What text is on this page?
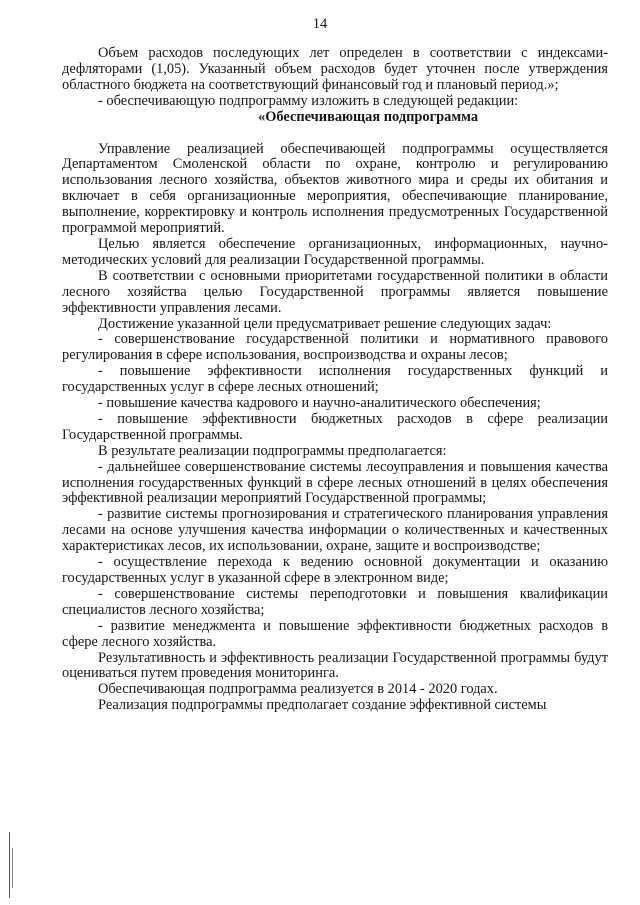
14

Объем расходов последующих лет определен в соответствии с индексами-дефляторами (1,05). Указанный объем расходов будет уточнен после утверждения областного бюджета на соответствующий финансовый год и плановый период.»;

- обеспечивающую подпрограмму изложить в следующей редакции:

«Обеспечивающая подпрограмма

Управление реализацией обеспечивающей подпрограммы осуществляется Департаментом Смоленской области по охране, контролю и регулированию использования лесного хозяйства, объектов животного мира и среды их обитания и включает в себя организационные мероприятия, обеспечивающие планирование, выполнение, корректировку и контроль исполнения предусмотренных Государственной программой мероприятий.

Целью является обеспечение организационных, информационных, научно-методических условий для реализации Государственной программы.

В соответствии с основными приоритетами государственной политики в области лесного хозяйства целью Государственной программы является повышение эффективности управления лесами.

Достижение указанной цели предусматривает решение следующих задач:

- совершенствование государственной политики и нормативного правового регулирования в сфере использования, воспроизводства и охраны лесов;

- повышение эффективности исполнения государственных функций и государственных услуг в сфере лесных отношений;

- повышение качества кадрового и научно-аналитического обеспечения;

- повышение эффективности бюджетных расходов в сфере реализации Государственной программы.

В результате реализации подпрограммы предполагается:

- дальнейшее совершенствование системы лесоуправления и повышения качества исполнения государственных функций в сфере лесных отношений в целях обеспечения эффективной реализации мероприятий Государственной программы;

- развитие системы прогнозирования и стратегического планирования управления лесами на основе улучшения качества информации о количественных и качественных характеристиках лесов, их использовании, охране, защите и воспроизводстве;

- осуществление перехода к ведению основной документации и оказанию государственных услуг в указанной сфере в электронном виде;

- совершенствование системы переподготовки и повышения квалификации специалистов лесного хозяйства;

- развитие менеджмента и повышение эффективности бюджетных расходов в сфере лесного хозяйства.

Результативность и эффективность реализации Государственной программы будут оцениваться путем проведения мониторинга.

Обеспечивающая подпрограмма реализуется в 2014 - 2020 годах.

Реализация подпрограммы предполагает создание эффективной системы
